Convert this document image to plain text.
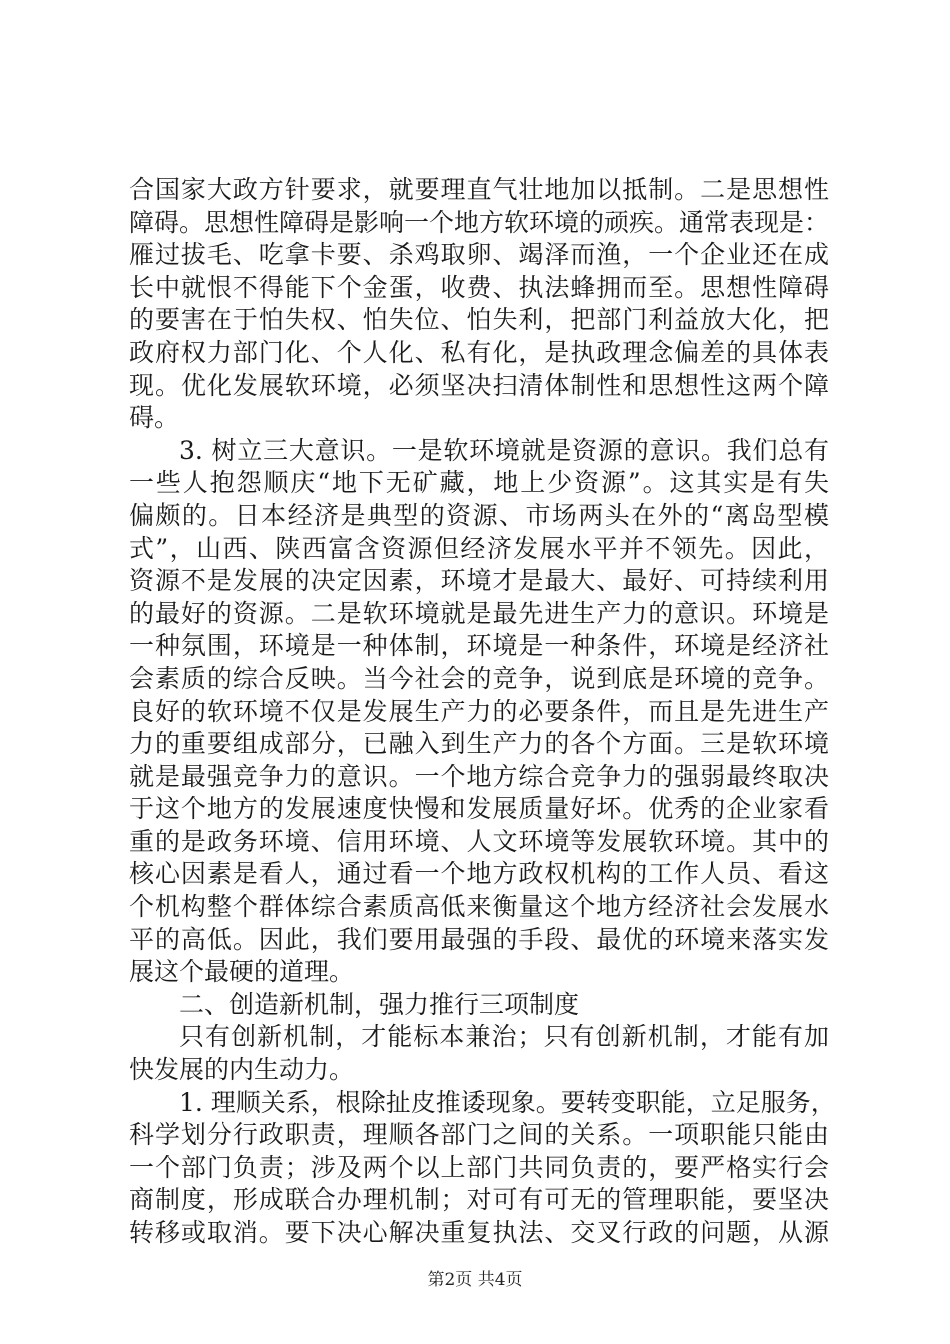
合国家大政方针要求，就要理直气壮地加以抵制。二是思想性
障碍。思想性障碍是影响一个地方软环境的顽疾。通常表现是：
雁过拔毛、吃拿卡要、杀鸡取卵、竭泽而渔，一个企业还在成
长中就恨不得能下个金蛋，收费、执法蜂拥而至。思想性障碍
的要害在于怕失权、怕失位、怕失利，把部门利益放大化，把
政府权力部门化、个人化、私有化，是执政理念偏差的具体表
现。优化发展软环境，必须坚决扫清体制性和思想性这两个障
碍。
3. 树立三大意识。一是软环境就是资源的意识。我们总有
一些人抱怨顺庆“地下无矿藏，地上少资源”。这其实是有失
偏颇的。日本经济是典型的资源、市场两头在外的“离岛型模
式”，山西、陕西富含资源但经济发展水平并不领先。因此，
资源不是发展的决定因素，环境才是最大、最好、可持续利用
的最好的资源。二是软环境就是最先进生产力的意识。环境是
一种氛围，环境是一种体制，环境是一种条件，环境是经济社
会素质的综合反映。当今社会的竞争，说到底是环境的竞争。
良好的软环境不仅是发展生产力的必要条件，而且是先进生产
力的重要组成部分，已融入到生产力的各个方面。三是软环境
就是最强竞争力的意识。一个地方综合竞争力的强弱最终取决
于这个地方的发展速度快慢和发展质量好坏。优秀的企业家看
重的是政务环境、信用环境、人文环境等发展软环境。其中的
核心因素是看人，通过看一个地方政权机构的工作人员、看这
个机构整个群体综合素质高低来衡量这个地方经济社会发展水
平的高低。因此，我们要用最强的手段、最优的环境来落实发
展这个最硬的道理。
二、创造新机制，强力推行三项制度
只有创新机制，才能标本兼治；只有创新机制，才能有加
快发展的内生动力。
1. 理顺关系，根除扯皮推诿现象。要转变职能，立足服务，
科学划分行政职责，理顺各部门之间的关系。一项职能只能由
一个部门负责；涉及两个以上部门共同负责的，要严格实行会
商制度，形成联合办理机制；对可有可无的管理职能，要坚决
转移或取消。要下决心解决重复执法、交叉行政的问题，从源
第2页 共4页
